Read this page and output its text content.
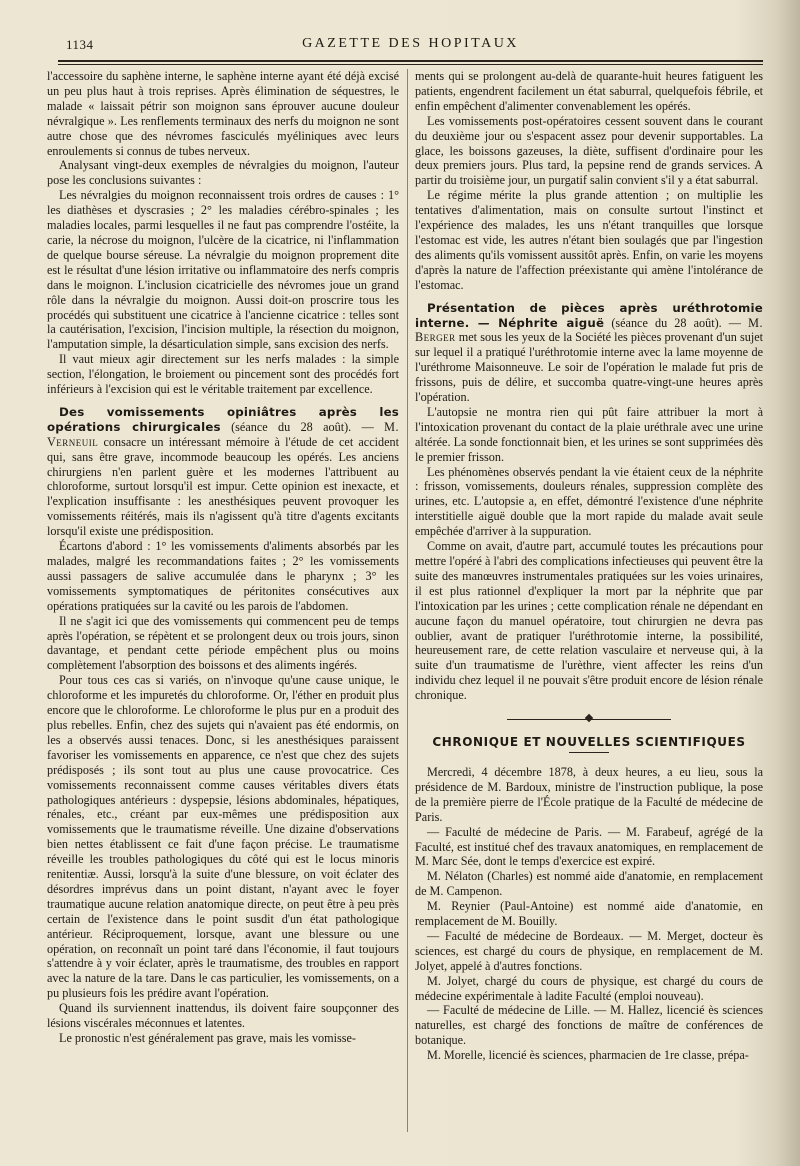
1134	GAZETTE DES HOPITAUX

l'accessoire du saphène interne, le saphène interne ayant été déjà excisé un peu plus haut à trois reprises. Après élimination de séquestres, le malade « laissait pétrir son moignon sans éprouver aucune douleur névralgique ». Les renflements terminaux des nerfs du moignon ne sont autre chose que des névromes fasciculés myéliniques avec leurs enroulements si connus de tubes nerveux.

Analysant vingt-deux exemples de névralgies du moignon, l'auteur pose les conclusions suivantes :

Les névralgies du moignon reconnaissent trois ordres de causes : 1° les diathèses et dyscrasies ; 2° les maladies cérébro-spinales ; les maladies locales, parmi lesquelles il ne faut pas comprendre l'ostéite, la carie, la nécrose du moignon, l'ulcère de la cicatrice, ni l'inflammation de quelque bourse séreuse. La névralgie du moignon proprement dite est le résultat d'une lésion irritative ou inflammatoire des nerfs compris dans le moignon. L'inclusion cicatricielle des névromes joue un grand rôle dans la névralgie du moignon. Aussi doit-on proscrire tous les procédés qui substituent une cicatrice à l'ancienne cicatrice : telles sont la cautérisation, l'excision, l'incision multiple, la résection du moignon, l'amputation simple, la désarticulation simple, sans excision des nerfs.

Il vaut mieux agir directement sur les nerfs malades : la simple section, l'élongation, le broiement ou pincement sont des procédés fort inférieurs à l'excision qui est le véritable traitement par excellence.

Des vomissements opiniâtres après les opérations chirurgicales (séance du 28 août). — M. Verneuil consacre un intéressant mémoire à l'étude de cet accident qui, sans être grave, incommode beaucoup les opérés. Les anciens chirurgiens n'en parlent guère et les modernes l'attribuent au chloroforme, surtout lorsqu'il est impur. Cette opinion est inexacte, et l'explication insuffisante : les anesthésiques peuvent provoquer les vomissements réitérés, mais ils n'agissent qu'à titre d'agents excitants lorsqu'il existe une prédisposition.

Écartons d'abord : 1° les vomissements d'aliments absorbés par les malades, malgré les recommandations faites ; 2° les vomissements aussi passagers de salive accumulée dans le pharynx ; 3° les vomissements symptomatiques de péritonites consécutives aux opérations pratiquées sur la cavité ou les parois de l'abdomen.

Il ne s'agit ici que des vomissements qui commencent peu de temps après l'opération, se répètent et se prolongent deux ou trois jours, sinon davantage, et pendant cette période empêchent plus ou moins complètement l'absorption des boissons et des aliments ingérés.

Pour tous ces cas si variés, on n'invoque qu'une cause unique, le chloroforme et les impuretés du chloroforme. Or, l'éther en produit plus encore que le chloroforme. Le chloroforme le plus pur en a produit des plus rebelles. Enfin, chez des sujets qui n'avaient pas été endormis, on les a observés aussi tenaces. Donc, si les anesthésiques paraissent favoriser les vomissements en apparence, ce n'est que chez des sujets prédisposés ; ils sont tout au plus une cause provocatrice. Ces vomissements reconnaissent comme causes véritables divers états pathologiques antérieurs : dyspepsie, lésions abdominales, hépatiques, rénales, etc., créant par eux-mêmes une prédisposition aux vomissements que le traumatisme réveille. Une dizaine d'observations bien nettes établissent ce fait d'une façon précise. Le traumatisme réveille les troubles pathologiques du côté qui est le locus minoris renitentiæ. Aussi, lorsqu'à la suite d'une blessure, on voit éclater des désordres imprévus dans un point distant, n'ayant avec le foyer traumatique aucune relation anatomique directe, on peut être à peu près certain de l'existence dans le point susdit d'un état pathologique antérieur. Réciproquement, lorsque, avant une blessure ou une opération, on reconnaît un point taré dans l'économie, il faut toujours s'attendre à y voir éclater, après le traumatisme, des troubles en rapport avec la nature de la tare. Dans le cas particulier, les vomissements, on a pu plusieurs fois les prédire avant l'opération.

Quand ils surviennent inattendus, ils doivent faire soupçonner des lésions viscérales méconnues et latentes.

Le pronostic n'est généralement pas grave, mais les vomisse-

ments qui se prolongent au-delà de quarante-huit heures fatiguent les patients, engendrent facilement un état saburral, quelquefois fébrile, et enfin empêchent d'alimenter convenablement les opérés.

Les vomissements post-opératoires cessent souvent dans le courant du deuxième jour ou s'espacent assez pour devenir supportables. La glace, les boissons gazeuses, la diète, suffisent d'ordinaire pour les deux premiers jours. Plus tard, la pepsine rend de grands services. A partir du troisième jour, un purgatif salin convient s'il y a état saburral.

Le régime mérite la plus grande attention ; on multiplie les tentatives d'alimentation, mais on consulte surtout l'instinct et l'expérience des malades, les uns n'étant tranquilles que lorsque l'estomac est vide, les autres n'étant bien soulagés que par l'ingestion des aliments qu'ils vomissent aussitôt après. Enfin, on varie les moyens d'après la nature de l'affection préexistante qui amène l'intolérance de l'estomac.

Présentation de pièces après uréthrotomie interne. — Néphrite aiguë (séance du 28 août). — M. Berger met sous les yeux de la Société les pièces provenant d'un sujet sur lequel il a pratiqué l'uréthrotomie interne avec la lame moyenne de l'uréthrome Maisonneuve. Le soir de l'opération le malade fut pris de frissons, puis de délire, et succomba quatre-vingt-une heures après l'opération.

L'autopsie ne montra rien qui pût faire attribuer la mort à l'intoxication provenant du contact de la plaie uréthrale avec une urine altérée. La sonde fonctionnait bien, et les urines se sont supprimées dès le premier frisson.

Les phénomènes observés pendant la vie étaient ceux de la néphrite : frisson, vomissements, douleurs rénales, suppression complète des urines, etc. L'autopsie a, en effet, démontré l'existence d'une néphrite interstitielle aiguë double que la mort rapide du malade avait seule empêchée d'arriver à la suppuration.

Comme on avait, d'autre part, accumulé toutes les précautions pour mettre l'opéré à l'abri des complications infectieuses qui peuvent être la suite des manœuvres instrumentales pratiquées sur les voies urinaires, il est plus rationnel d'expliquer la mort par la néphrite que par l'intoxication par les urines ; cette complication rénale ne dépendant en aucune façon du manuel opératoire, tout chirurgien ne devra pas oublier, avant de pratiquer l'uréthrotomie interne, la possibilité, heureusement rare, de cette relation vasculaire et nerveuse qui, à la suite d'un traumatisme de l'urèthre, vient affecter les reins d'un individu chez lequel il ne pouvait s'être produit encore de lésion rénale chronique.

CHRONIQUE ET NOUVELLES SCIENTIFIQUES

Mercredi, 4 décembre 1878, à deux heures, a eu lieu, sous la présidence de M. Bardoux, ministre de l'instruction publique, la pose de la première pierre de l'École pratique de la Faculté de médecine de Paris.

— Faculté de médecine de Paris. — M. Farabeuf, agrégé de la Faculté, est institué chef des travaux anatomiques, en remplacement de M. Marc Sée, dont le temps d'exercice est expiré.

M. Nélaton (Charles) est nommé aide d'anatomie, en remplacement de M. Campenon.

M. Reynier (Paul-Antoine) est nommé aide d'anatomie, en remplacement de M. Bouilly.

— Faculté de médecine de Bordeaux. — M. Merget, docteur ès sciences, est chargé du cours de physique, en remplacement de M. Jolyet, appelé à d'autres fonctions.

M. Jolyet, chargé du cours de physique, est chargé du cours de médecine expérimentale à ladite Faculté (emploi nouveau).

— Faculté de médecine de Lille. — M. Hallez, licencié ès sciences naturelles, est chargé des fonctions de maître de conférences de botanique.

M. Morelle, licencié ès sciences, pharmacien de 1re classe, prépa-
